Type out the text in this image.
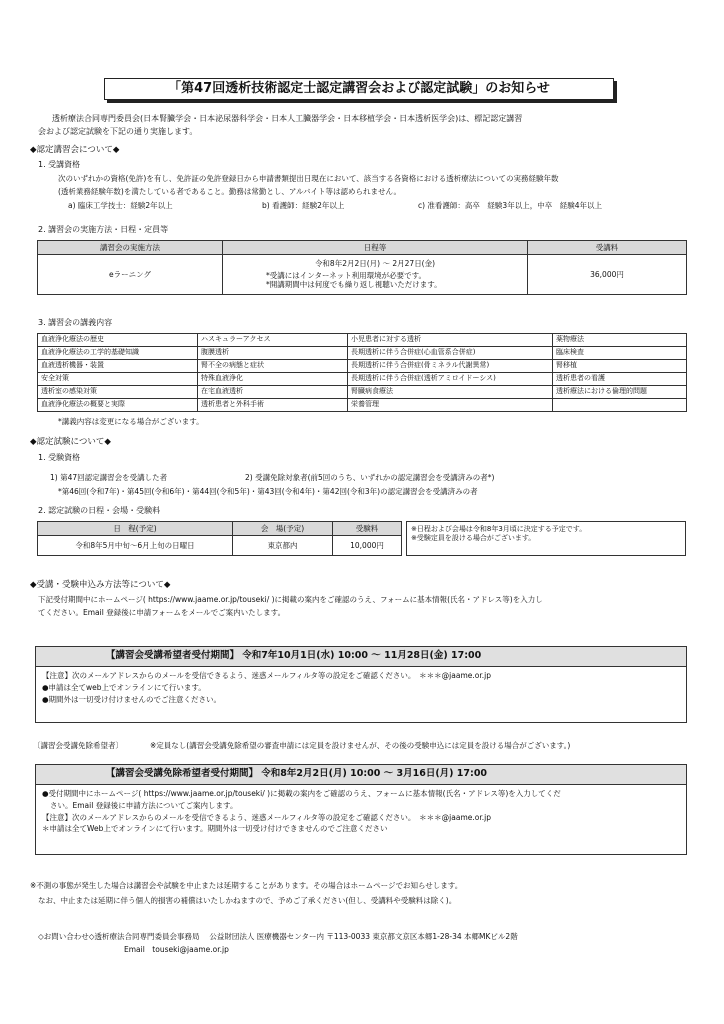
「第47回透析技術認定士認定講習会および認定試験」のお知らせ
透析療法合同専門委員会(日本腎臓学会・日本泌尿器科学会・日本人工臓器学会・日本移植学会・日本透析医学会)は、標記認定講習
会および認定試験を下記の通り実施します。
◆認定講習会について◆
1. 受講資格
次のいずれかの資格(免許)を有し、免許証の免許登録日から申請書類提出日現在において、該当する各資格における透析療法についての実務経験年数
(透析業務経験年数)を満たしている者であること。勤務は常勤とし、アルバイト等は認められません。
a) 臨床工学技士：経験2年以上	b) 看護師：経験2年以上	c) 准看護師：高卒　経験3年以上，中卒　経験4年以上
2. 講習会の実施方法・日程・定員等
講習会の実施方法	日程等	受講料
eラーニング	令和8年2月2日(月) ～ 2月27日(金)
*受講にはインターネット利用環境が必要です。
*開講期間中は何度でも繰り返し視聴いただけます。	36,000円
3. 講習会の講義内容
血液浄化療法の歴史	ハスキュラーアクセス	小児患者に対する透析	薬物療法
血液浄化療法の工学的基礎知識	腹膜透析	長期透析に伴う合併症(心血管系合併症)	臨床検査
血液透析機器・装置	腎不全の病態と症状	長期透析に伴う合併症(骨ミネラル代謝異常)	腎移植
安全対策	特殊血液浄化	長期透析に伴う合併症(透析アミロイドーシス)	透析患者の看護
透析室の感染対策	在宅血液透析	腎臓病食療法	透析療法における倫理的問題
血液浄化療法の概要と実際	透析患者と外科手術	栄養管理	
*講義内容は変更になる場合がございます。
◆認定試験について◆
1. 受験資格
1) 第47回認定講習会を受講した者	2) 受講免除対象者(前5回のうち、いずれかの認定講習会を受講済みの者*)
*第46回(令和7年)・第45回(令和6年)・第44回(令和5年)・第43回(令和4年)・第42回(令和3年)の認定講習会を受講済みの者
2. 認定試験の日程・会場・受験料
日　程(予定)	会　場(予定)	受験料
令和8年5月中旬～6月上旬の日曜日	東京都内	10,000円
※日程および会場は令和8年3月頃に決定する予定です。
※受験定員を設ける場合がございます。
◆受講・受験申込み方法等について◆
下記受付期間中にホームページ( https://www.jaame.or.jp/touseki/ )に掲載の案内をご確認のうえ、フォームに基本情報(氏名・アドレス等)を入力し
てください。Email 登録後に申請フォームをメールでご案内いたします。
【講習会受講希望者受付期間】 令和7年10月1日(水) 10:00 ～ 11月28日(金) 17:00
【注意】次のメールアドレスからのメールを受信できるよう、迷惑メールフィルタ等の設定をご確認ください。　＊＊＊@jaame.or.jp
●申請は全てweb上でオンラインにて行います。
●期間外は一切受け付けませんのでご注意ください。
〔講習会受講免除希望者〕	※定員なし(講習会受講免除希望の審査申請には定員を設けませんが、その後の受験申込には定員を設ける場合がございます。)
【講習会受講免除希望者受付期間】 令和8年2月2日(月) 10:00 ～ 3月16日(月) 17:00
●受付期間中にホームページ( https://www.jaame.or.jp/touseki/ )に掲載の案内をご確認のうえ、フォームに基本情報(氏名・アドレス等)を入力してくだ
さい。Email 登録後に申請方法についてご案内します。
【注意】次のメールアドレスからのメールを受信できるよう、迷惑メールフィルタ等の設定をご確認ください。　＊＊＊@jaame.or.jp
＊申請は全てWeb上でオンラインにて行います。期間外は一切受け付けできませんのでご注意ください
※不測の事態が発生した場合は講習会や試験を中止または延期することがあります。その場合はホームページでお知らせします。
なお、中止または延期に伴う個人的損害の補償はいたしかねますので、予めご了承ください(但し、受講料や受験料は除く)。
◇お問い合わせ◇透析療法合同専門委員会事務局　 公益財団法人 医療機器センター内 〒113-0033 東京都文京区本郷1-28-34 本郷MKビル2階
Email　touseki@jaame.or.jp
